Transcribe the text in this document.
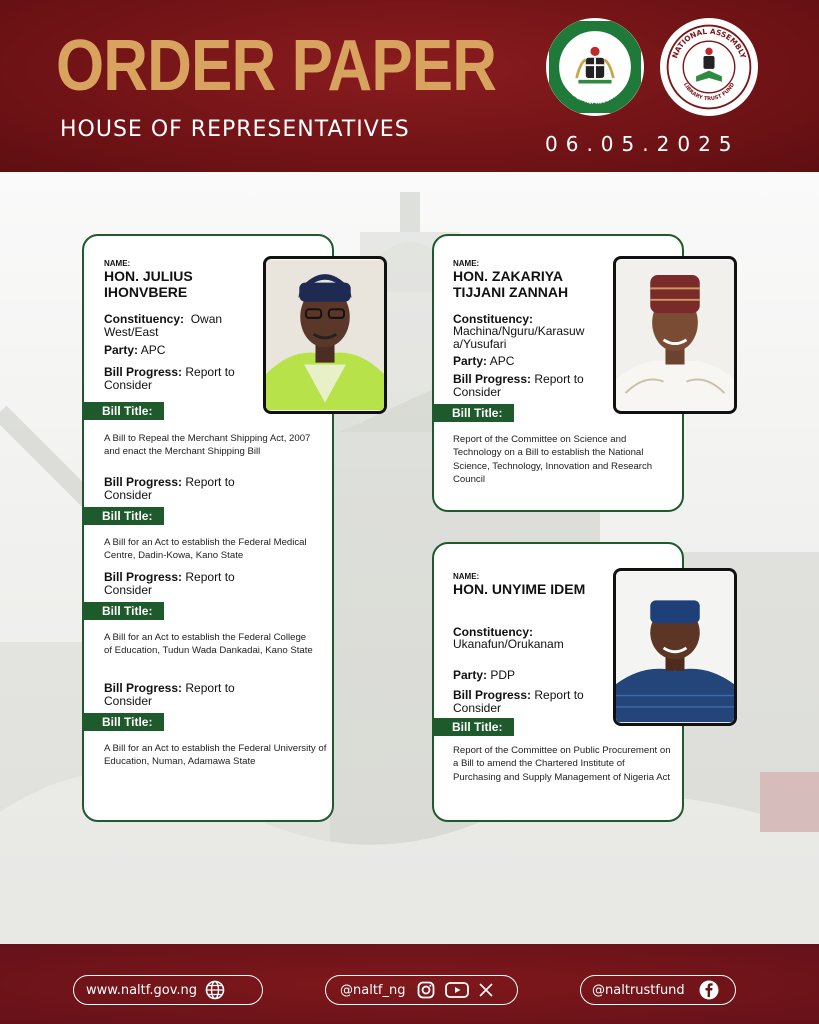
ORDER PAPER
HOUSE OF REPRESENTATIVES
06.05.2025
NIGERIAN
HOUSE OF REPRESENTATIVES
NATIONAL ASSEMBLY
LIBRARY TRUST FUND
NAME:
HON. JULIUS
IHONVBERE
Constituency: Owan West/East
Party: APC
Bill Progress: Report to Consider
Bill Title:
A Bill to Repeal the Merchant Shipping Act, 2007 and enact the Merchant Shipping Bill
Bill Progress: Report to Consider
Bill Title:
A Bill for an Act to establish the Federal Medical Centre, Dadin-Kowa, Kano State
Bill Progress: Report to Consider
Bill Title:
A Bill for an Act to establish the Federal College of Education, Tudun Wada Dankadai, Kano State
Bill Progress: Report to Consider
Bill Title:
A Bill for an Act to establish the Federal University of Education, Numan, Adamawa State
NAME:
HON. ZAKARIYA
TIJJANI ZANNAH
Constituency:
Machina/Nguru/Karasuwa/Yusufari
Party: APC
Bill Progress: Report to Consider
Bill Title:
Report of the Committee on Science and Technology on a Bill to establish the National Science, Technology, Innovation and Research Council
NAME:
HON. UNYIME IDEM
Constituency:
Ukanafun/Orukanam
Party: PDP
Bill Progress: Report to Consider
Bill Title:
Report of the Committee on Public Procurement on a Bill to amend the Chartered Institute of Purchasing and Supply Management of Nigeria Act
www.naltf.gov.ng	@naltf_ng	@naltrustfund
